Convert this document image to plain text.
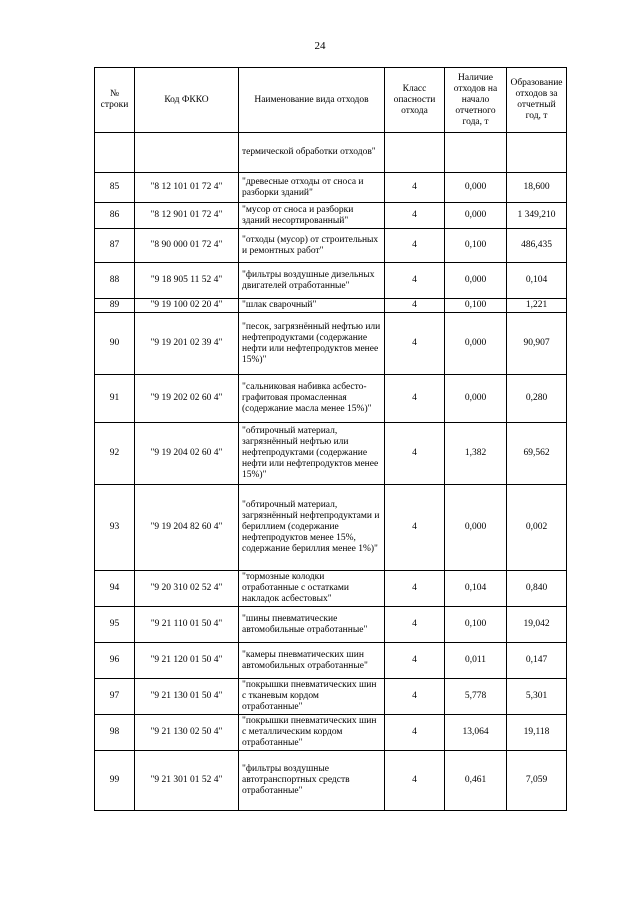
24
№ строки	Код ФККО	Наименование вида отходов	Класс опасности отхода	Наличие отходов на начало отчетного года, т	Образование отходов за отчетный год, т
		термической обработки отходов"			
85	"8 12 101 01 72 4"	"древесные отходы от сноса и разборки зданий"	4	0,000	18,600
86	"8 12 901 01 72 4"	"мусор от сноса и разборки зданий несортированный"	4	0,000	1 349,210
87	"8 90 000 01 72 4"	"отходы (мусор) от строительных и ремонтных работ"	4	0,100	486,435
88	"9 18 905 11 52 4"	"фильтры воздушные дизельных двигателей отработанные"	4	0,000	0,104
89	"9 19 100 02 20 4"	"шлак сварочный"	4	0,100	1,221
90	"9 19 201 02 39 4"	"песок, загрязнённый нефтью или нефтепродуктами (содержание нефти или нефтепродуктов менее 15%)"	4	0,000	90,907
91	"9 19 202 02 60 4"	"сальниковая набивка асбесто-графитовая промасленная (содержание масла менее 15%)"	4	0,000	0,280
92	"9 19 204 02 60 4"	"обтирочный материал, загрязнённый нефтью или нефтепродуктами (содержание нефти или нефтепродуктов менее 15%)"	4	1,382	69,562
93	"9 19 204 82 60 4"	"обтирочный материал, загрязнённый нефтепродуктами и бериллием (содержание нефтепродуктов менее 15%, содержание бериллия менее 1%)"	4	0,000	0,002
94	"9 20 310 02 52 4"	"тормозные колодки отработанные с остатками накладок асбестовых"	4	0,104	0,840
95	"9 21 110 01 50 4"	"шины пневматические автомобильные отработанные"	4	0,100	19,042
96	"9 21 120 01 50 4"	"камеры пневматических шин автомобильных отработанные"	4	0,011	0,147
97	"9 21 130 01 50 4"	"покрышки пневматических шин с тканевым кордом отработанные"	4	5,778	5,301
98	"9 21 130 02 50 4"	"покрышки пневматических шин с металлическим кордом отработанные"	4	13,064	19,118
99	"9 21 301 01 52 4"	"фильтры воздушные автотранспортных средств отработанные"	4	0,461	7,059
